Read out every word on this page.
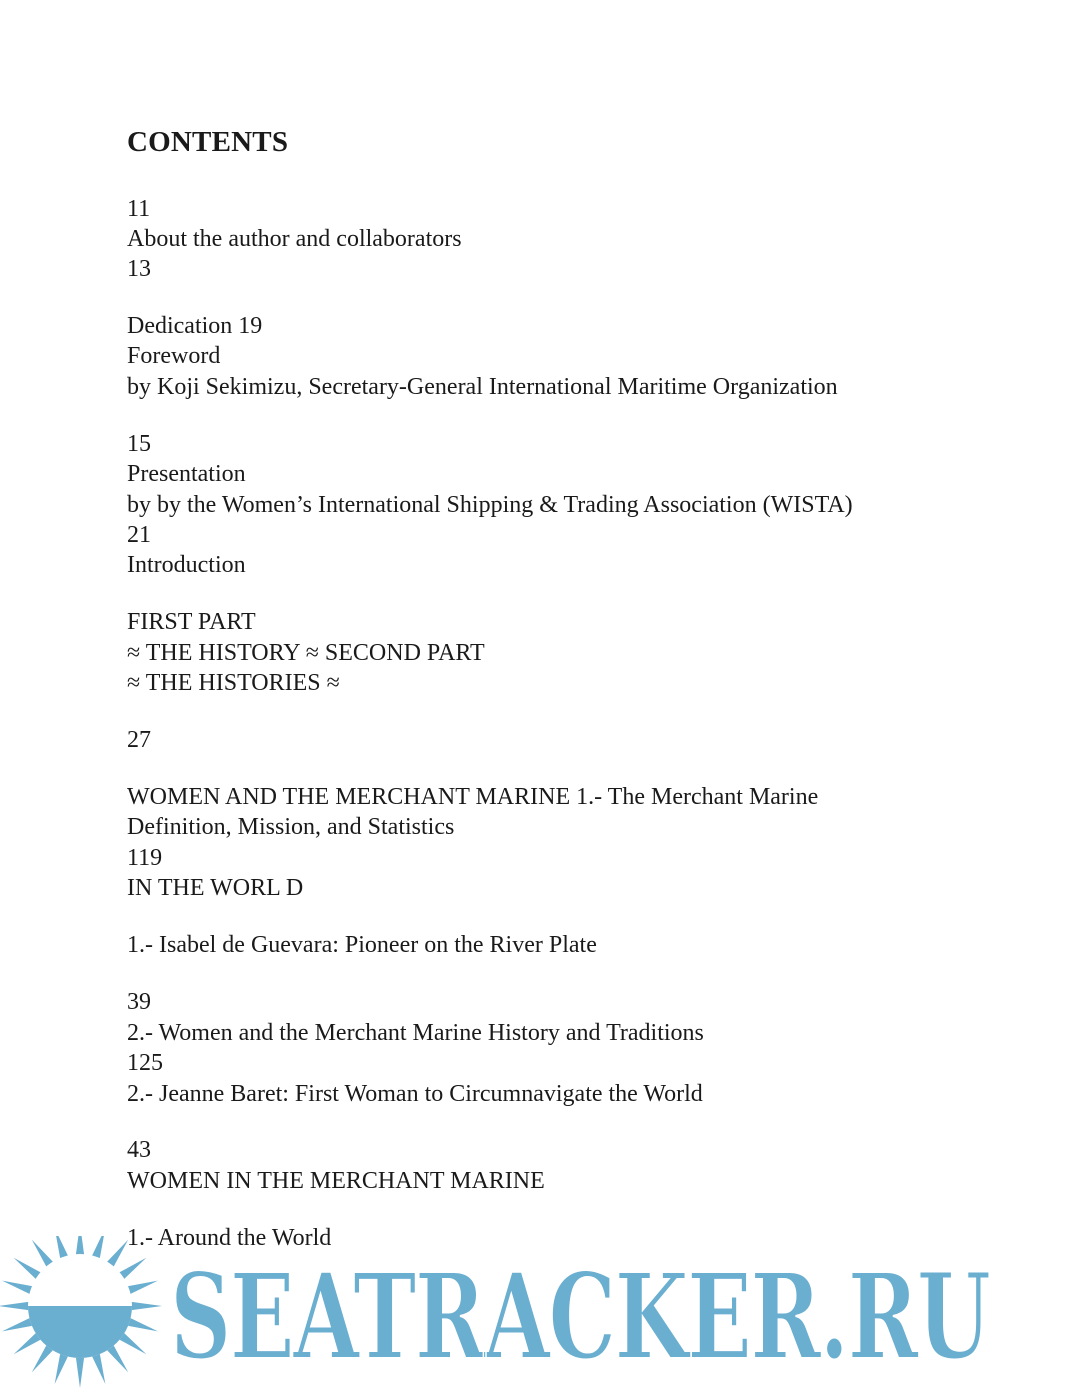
CONTENTS
11
About the author and collaborators
13
Dedication 19
Foreword
by Koji Sekimizu, Secretary-General International Maritime Organization
15
Presentation
by by the Women’s International Shipping & Trading Association (WISTA)
21
Introduction
FIRST PART
≈ THE HISTORY ≈ SECOND PART
≈ THE HISTORIES ≈
27
WOMEN AND THE MERCHANT MARINE 1.- The Merchant Marine
Definition, Mission, and Statistics
119
IN THE WORL D
1.- Isabel de Guevara: Pioneer on the River Plate
39
2.- Women and the Merchant Marine History and Traditions
125
2.- Jeanne Baret: First Woman to Circumnavigate the World
43
WOMEN IN THE MERCHANT MARINE
1.- Around the World
SEATRACKER.RU
